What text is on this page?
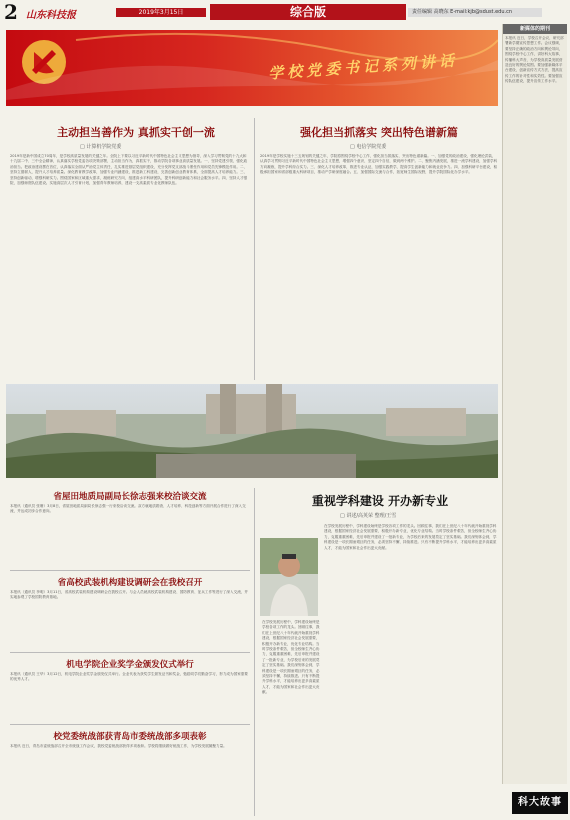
2 山东科技报	2019年3月15日	综合版	责任编辑 高晓东 E-mail:kjb@sdust.edu.cn
学校党委书记系列讲话
主动担当善作为 真抓实干创一流
□ 计算机学院党委
2019年是新中国成立70周年，是学校高质量发展的关键之年。全院上下要以习近平新时代中国特色社会主义思想为指导，深入学习贯彻党的十九大和十九届二中、三中全会精神，认真落实学校党委各项决策部署，主动担当作为，真抓实干，推动学院各项事业高质量发展。一、坚持党建引领，强化政治担当。把政治建设摆在首位，认真落实全面从严治党主体责任，扎实推进基层党组织建设，充分发挥党支部战斗堡垒作用和党员先锋模范作用。二、坚持立德树人，提升人才培养质量。深化教育教学改革，加强专业内涵建设，推进新工科建设，完善创新创业教育体系，全面提高人才培养能力。三、坚持创新驱动，增强科研实力。围绕国家和区域重大需求，凝练研究方向，组建高水平科研团队，提升科研创新能力和社会服务水平。四、坚持人才强院，加强师资队伍建设。实施高层次人才引育计划，加强青年教师培养，建设一支高素质专业化教师队伍。
强化担当抓落实 突出特色谱新篇
□ 电信学院党委
2019年是学校实施十三五规划的关键之年，学院将围绕学校中心工作，强化担当抓落实，突出特色谱新篇。一、加强党的政治建设，强化理论武装，认真学习贯彻习近平新时代中国特色社会主义思想，增强四个意识，坚定四个自信，做到两个维护。二、聚焦内涵发展，推进一流学科建设，加强学科方向凝练，提升学科综合实力。三、深化人才培养改革，推进专业认证，加强实践教学，提高学生创新能力和就业竞争力。四、加强科研平台建设，积极承担国家和省部级重大科研项目，推动产学研深度融合。五、加强国际交流与合作，拓宽师生国际视野，提升学院国际化办学水平。
新媒体的期刊
本报讯 近日，学校召开会议，研究部署新学期宣传思想工作。会议强调，要坚持正确的政治方向和舆论导向，围绕学校中心工作，讲好科大故事，传播科大声音，为学校高质量发展营造良好的舆论氛围。要加强新媒体平台建设，创新宣传方式方法，提高宣传工作的针对性和实效性。要加强宣传队伍建设，提升宣传工作水平。
省屋田地质局副局长徐志强来校洽谈交流
本报讯（通讯员 张珊）3月8日，省屋田地质局副局长徐志强一行来校洽谈交流。双方就地质勘查、人才培养、科技创新等方面开展合作进行了深入交流，并达成初步合作意向。
省高校武装机构建设调研会在我校召开
本报讯（通讯员 李明）3月11日，省高校武装机构建设调研会在我校召开。与会人员就高校武装机构建设、国防教育、征兵工作等进行了深入交流，并实地参观了学校国防教育基地。
机电学院企业奖学金颁发仪式举行
本报讯（通讯员 王华）3月12日，机电学院企业奖学金颁发仪式举行。企业代表为获奖学生颁发证书和奖金，勉励同学们勤奋学习，努力成为国家需要的优秀人才。
校党委统战部获青岛市委统战部多项表彰
本报讯 近日，青岛市委统战部召开全市统战工作会议，我校党委统战部获得多项表彰。学校将继续做好统战工作，为学校发展凝聚力量。
重视学科建设 开办新专业
□ 讲述/高英荣 整理/王雪
在学校发展历程中，学科建设始终是学校各项工作的龙头。回顾往事，我们在上世纪八十年代就开始重视学科建设，根据国家经济社会发展需要，积极开办新专业，优化专业结构。当时学校条件艰苦，但全校师生齐心协力，克服重重困难，先后申报并建设了一批新专业，为学校后来的发展奠定了坚实基础。我们深刻体会到，学科建设是一项长期而艰巨的任务，必须坚持不懈，持续推进。只有不断提升学科水平，才能培养出更多高素质人才，才能为国家和社会作出更大贡献。
在学校发展历程中，学科建设始终是学校各项工作的龙头。回顾往事，我们在上世纪八十年代就开始重视学科建设，根据国家经济社会发展需要，积极开办新专业，优化专业结构。当时学校条件艰苦，但全校师生齐心协力，克服重重困难，先后申报并建设了一批新专业，为学校后来的发展奠定了坚实基础。我们深刻体会到，学科建设是一项长期而艰巨的任务，必须坚持不懈，持续推进。只有不断提升学科水平，才能培养出更多高素质人才，才能为国家和社会作出更大贡献。
科大故事
